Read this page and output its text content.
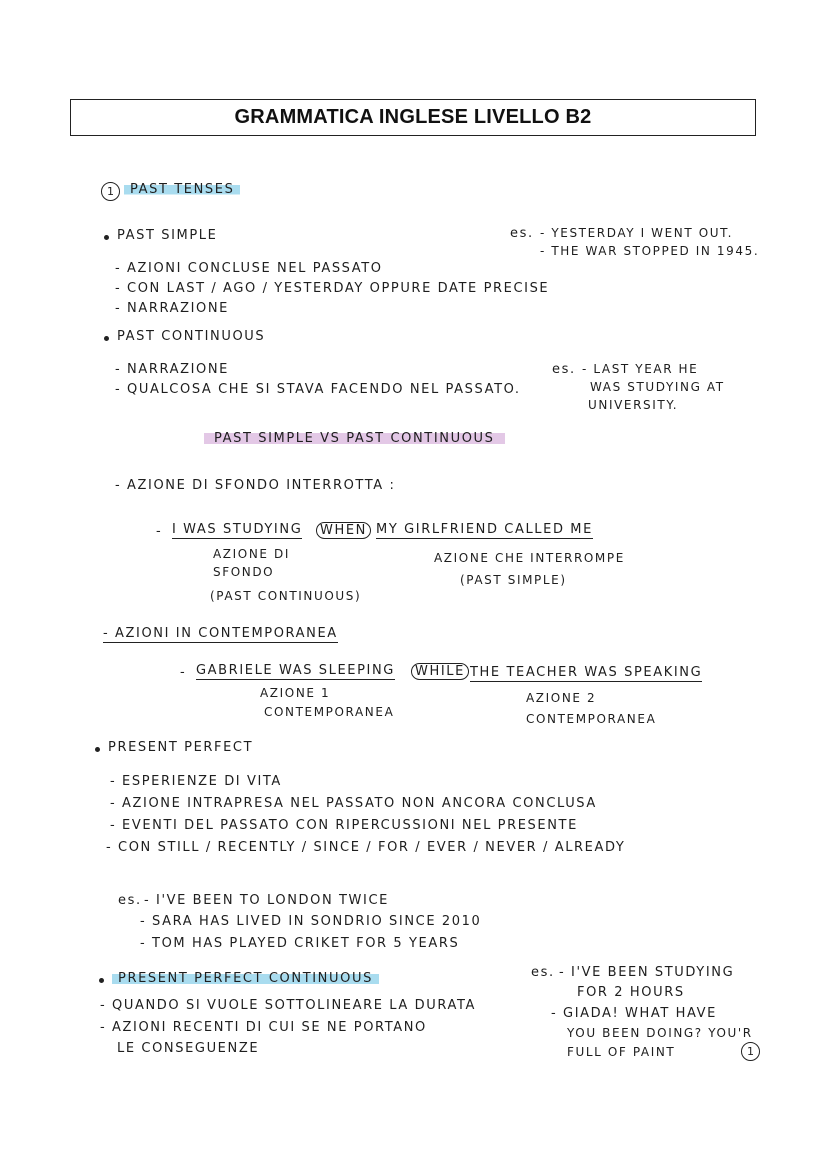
GRAMMATICA INGLESE LIVELLO B2
1	PAST TENSES
PAST SIMPLE
- AZIONI CONCLUSE NEL PASSATO
- CON LAST / AGO / YESTERDAY OPPURE DATE PRECISE
- NARRAZIONE
es. - YESTERDAY I WENT OUT.
- THE WAR STOPPED IN 1945.
PAST CONTINUOUS
- NARRAZIONE
- QUALCOSA CHE SI STAVA FACENDO NEL PASSATO.
es. - LAST YEAR HE
WAS STUDYING AT
UNIVERSITY.
PAST SIMPLE VS PAST CONTINUOUS
- AZIONE DI SFONDO INTERROTTA :
- I WAS STUDYING	WHEN MY GIRLFRIEND CALLED ME
AZIONE DI
SFONDO
(PAST CONTINUOUS)
AZIONE CHE INTERROMPE
(PAST SIMPLE)
- AZIONI IN CONTEMPORANEA
- GABRIELE WAS SLEEPING	WHILE THE TEACHER WAS SPEAKING
AZIONE 1
CONTEMPORANEA
AZIONE 2
CONTEMPORANEA
PRESENT PERFECT
- ESPERIENZE DI VITA
- AZIONE INTRAPRESA NEL PASSATO NON ANCORA CONCLUSA
- EVENTI DEL PASSATO CON RIPERCUSSIONI NEL PRESENTE
- CON STILL / RECENTLY / SINCE / FOR / EVER / NEVER / ALREADY
es. - I'VE BEEN TO LONDON TWICE
- SARA HAS LIVED IN SONDRIO SINCE 2010
- TOM HAS PLAYED CRIKET FOR 5 YEARS
PRESENT PERFECT CONTINUOUS
- QUANDO SI VUOLE SOTTOLINEARE LA DURATA
- AZIONI RECENTI DI CUI SE NE PORTANO
LE CONSEGUENZE
es. - I'VE BEEN STUDYING
FOR 2 HOURS
- GIADA! WHAT HAVE
YOU BEEN DOING? YOU'R
FULL OF PAINT	1
